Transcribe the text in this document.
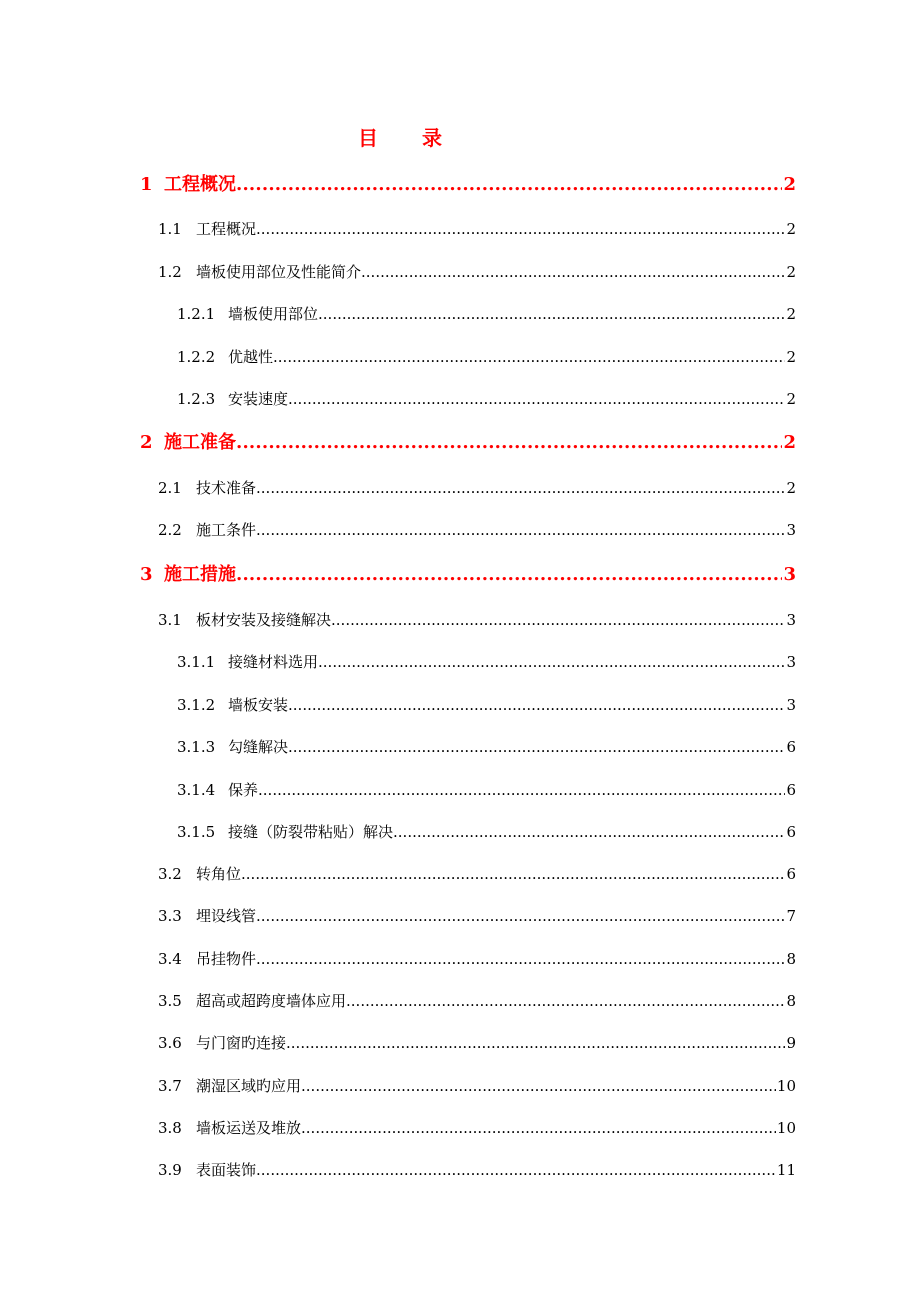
目 录
1 工程概况 .....	2
1.1 工程概况 .....	2
1.2 墙板使用部位及性能简介 .....	2
1.2.1 墙板使用部位 .....	2
1.2.2 优越性 .....	2
1.2.3 安装速度 .....	2
2 施工准备 .....	2
2.1 技术准备 .....	2
2.2 施工条件 .....	3
3 施工措施 .....	3
3.1 板材安装及接缝解决 .....	3
3.1.1 接缝材料选用 .....	3
3.1.2 墙板安装 .....	3
3.1.3 勾缝解决 .....	6
3.1.4 保养 .....	6
3.1.5 接缝（防裂带粘贴）解决 .....	6
3.2 转角位 .....	6
3.3 埋设线管 .....	7
3.4 吊挂物件 .....	8
3.5 超高或超跨度墙体应用 .....	8
3.6 与门窗旳连接 .....	9
3.7 潮湿区域旳应用 .....	10
3.8 墙板运送及堆放 .....	10
3.9 表面装饰 .....	11
